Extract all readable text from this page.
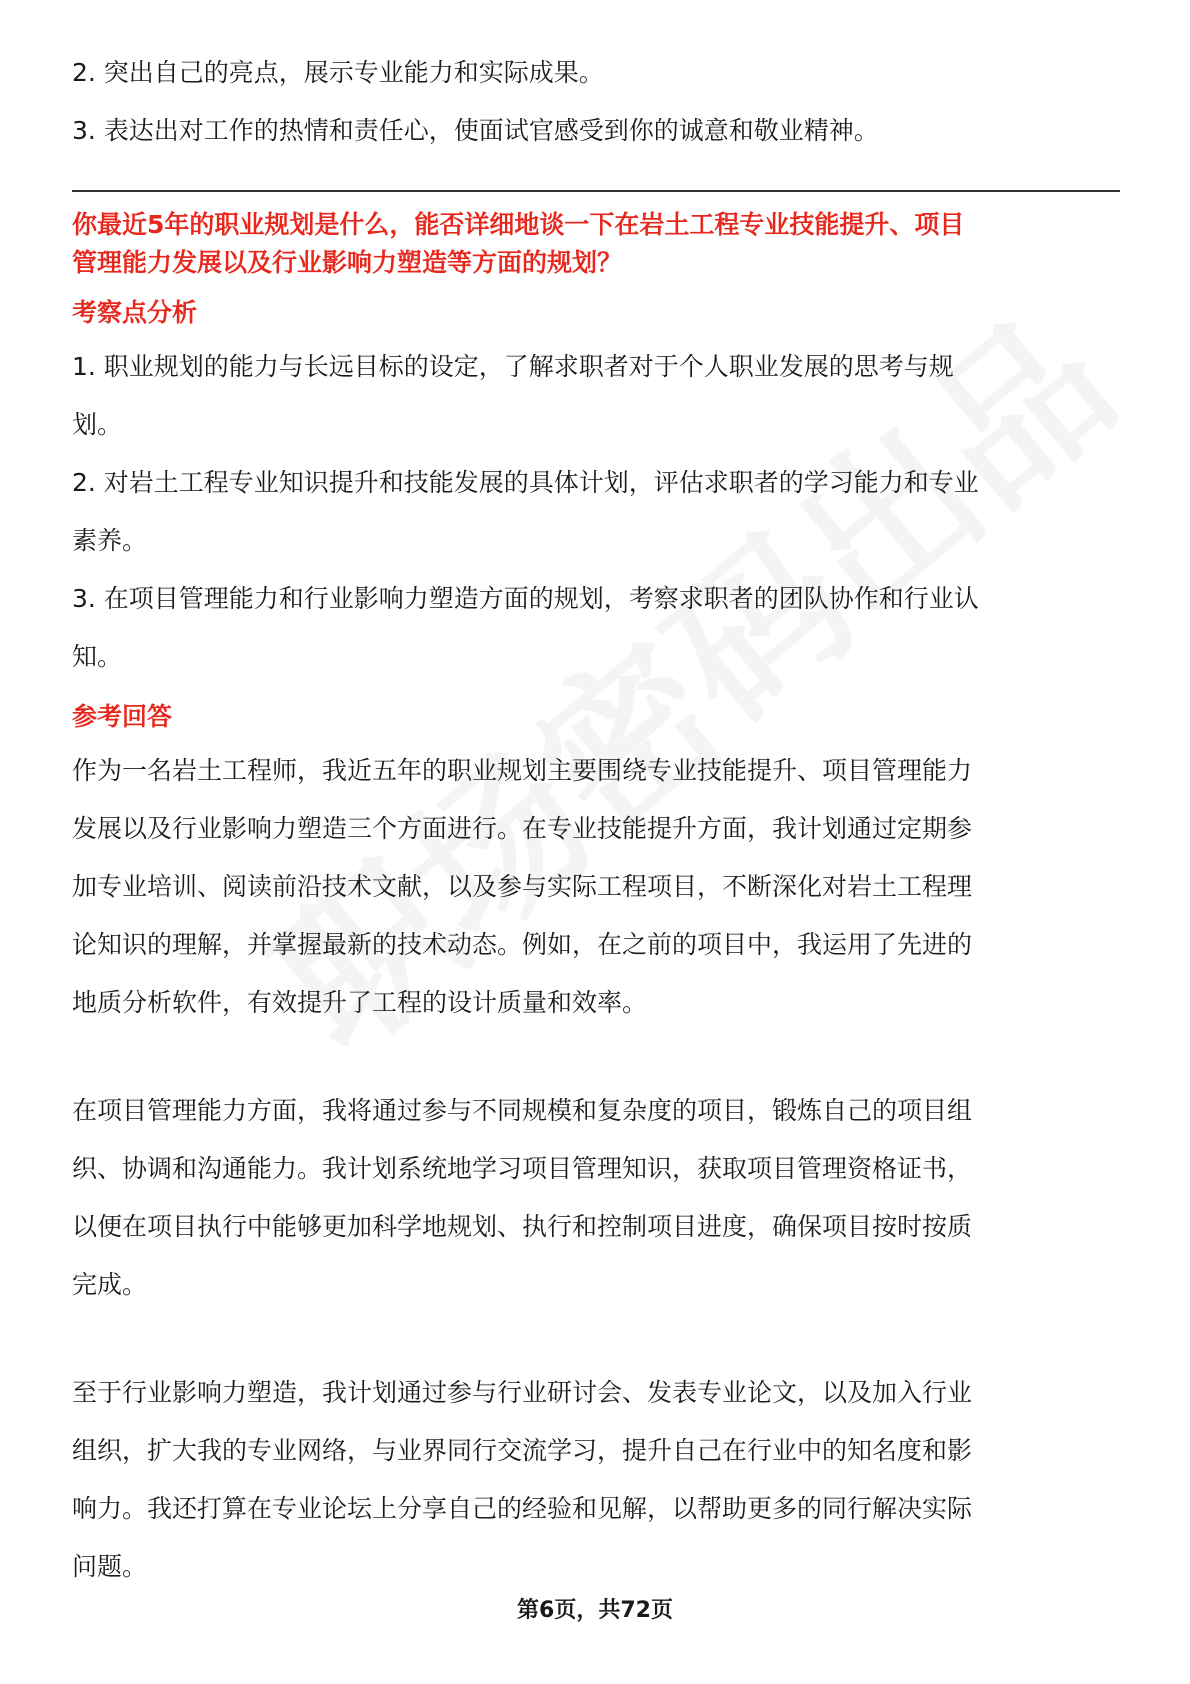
2. 突出自己的亮点，展示专业能力和实际成果。

3. 表达出对工作的热情和责任心，使面试官感受到你的诚意和敬业精神。

你最近5年的职业规划是什么，能否详细地谈一下在岩土工程专业技能提升、项目

管理能力发展以及行业影响力塑造等方面的规划？

考察点分析

1. 职业规划的能力与长远目标的设定，了解求职者对于个人职业发展的思考与规

划。

2. 对岩土工程专业知识提升和技能发展的具体计划，评估求职者的学习能力和专业

素养。

3. 在项目管理能力和行业影响力塑造方面的规划，考察求职者的团队协作和行业认

知。

参考回答

作为一名岩土工程师，我近五年的职业规划主要围绕专业技能提升、项目管理能力

发展以及行业影响力塑造三个方面进行。在专业技能提升方面，我计划通过定期参

加专业培训、阅读前沿技术文献，以及参与实际工程项目，不断深化对岩土工程理

论知识的理解，并掌握最新的技术动态。例如，在之前的项目中，我运用了先进的

地质分析软件，有效提升了工程的设计质量和效率。

在项目管理能力方面，我将通过参与不同规模和复杂度的项目，锻炼自己的项目组

织、协调和沟通能力。我计划系统地学习项目管理知识，获取项目管理资格证书，

以便在项目执行中能够更加科学地规划、执行和控制项目进度，确保项目按时按质

完成。

至于行业影响力塑造，我计划通过参与行业研讨会、发表专业论文，以及加入行业

组织，扩大我的专业网络，与业界同行交流学习，提升自己在行业中的知名度和影

响力。我还打算在专业论坛上分享自己的经验和见解，以帮助更多的同行解决实际

问题。

第6页，共72页
